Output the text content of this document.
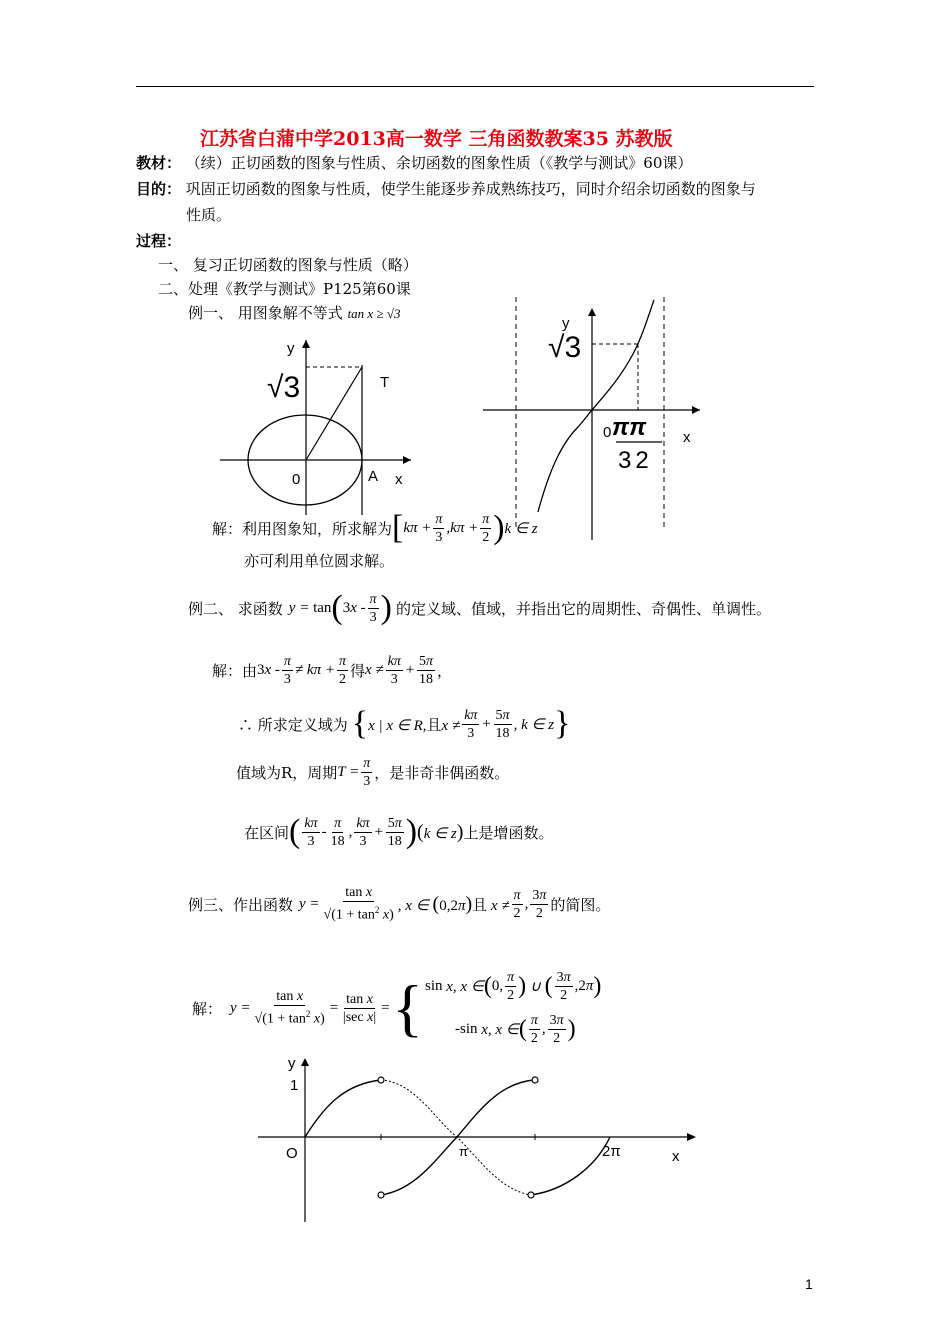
江苏省白蒲中学2013高一数学 三角函数教案35 苏教版
教材： （续）正切函数的图象与性质、余切函数的图象性质（《教学与测试》60课）
目的： 巩固正切函数的图象与性质，使学生能逐步养成熟练技巧，同时介绍余切函数的图象与
性质。
过程：
一、 复习正切函数的图象与性质（略）
二、处理《教学与测试》P125第60课
例一、 用图象解不等式 tan x ≥ √3
y
√3	T
0	A x
y
√3
0 ππ
32
x
解：利用图象知，所求解为 [ $k\pi + \frac{\pi}{3} ,k\pi + \frac{\pi}{2}$ ) k ∈ z
亦可利用单位圆求解。
例二、 求函数 y = tan ( $3x - \frac{\pi}{3}$ ) 的定义域、值域，并指出它的周期性、奇偶性、单调性。
解：由 $3x - \frac{\pi}{3} \ne k\pi + \frac{\pi}{2}$ 得 $x \ne \frac{k\pi}{3} + \frac{5\pi}{18}$ ，
∴ 所求定义域为 { x | x ∈ R,且$x \ne \frac{k\pi}{3} + \frac{5\pi}{18}$ , k ∈ z }
值域为R，周期 $T = \frac{\pi}{3}$ ，是非奇非偶函数。
在区间 ( $\frac{k\pi}{3} - \frac{\pi}{18}$ , $\frac{k\pi}{3} + \frac{5\pi}{18}$ ) (k ∈ z) 上是增函数。
例三、作出函数 $y = \frac{\text{tan x}}{√(1 + \tan^2 x)}$ , x ∈ (0,2π)且 $x \ne \frac{\pi}{2}$ , $\frac{3\pi}{2}$ 的简图。
解： $y = \frac{\text{tan x}}{√(1 + \tan^2 x)} = \frac{\text{tan x}}{\text{|sec x|}}$ = { sin x, x ∈ ( 0, $\frac{\pi}{2}$ ) ∪ ( $\frac{3\pi}{2} ,2$ π )
- sin x, x ∈ ( $\frac{\pi}{2}$ , $\frac{3\pi}{2}$ )
y
1
O	π	2π	x
1
